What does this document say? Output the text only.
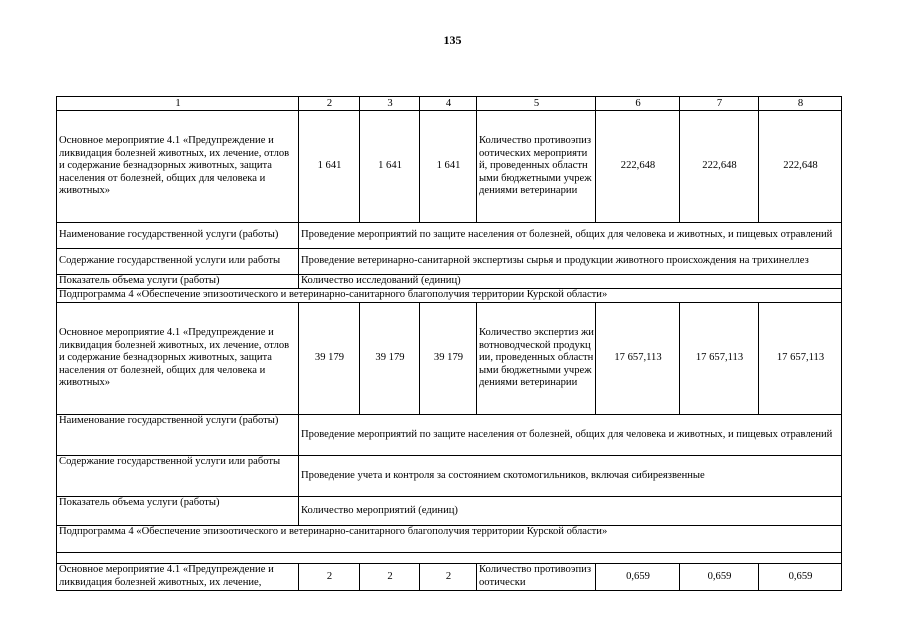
135
1	2	3	4	5	6	7	8
Основное мероприятие 4.1 «Предупреждение и ликвидация болезней животных, их лечение, отлов и содержание безнадзорных животных, защита населения от болезней, общих для человека и животных»	1 641	1 641	1 641	Количество противоэпизоотических мероприятий, проведенных областными бюджетными учреждениями ветеринарии	222,648	222,648	222,648
Наименование государственной услуги (работы)	Проведение мероприятий по защите населения от болезней, общих для человека и животных, и пищевых отравлений						
Содержание государственной услуги или работы	Проведение ветеринарно-санитарной экспертизы сырья и продукции животного происхождения на трихинеллез						
Показатель объема услуги (работы)	Количество исследований (единиц)						
Подпрограмма 4 «Обеспечение эпизоотического и ветеринарно-санитарного благополучия территории Курской области»							
Основное мероприятие 4.1 «Предупреждение и ликвидация болезней животных, их лечение, отлов и содержание безнадзорных животных, защита населения от болезней, общих для человека и животных»	39 179	39 179	39 179	Количество экспертиз животноводческой продукции, проведенных областными бюджетными учреждениями ветеринарии	17 657,113	17 657,113	17 657,113
Наименование государственной услуги (работы)	Проведение мероприятий по защите населения от болезней, общих для человека и животных, и пищевых отравлений						
Содержание государственной услуги или работы	Проведение учета и контроля за состоянием скотомогильников, включая сибиреязвенные						
Показатель объема услуги (работы)	Количество мероприятий (единиц)						
Подпрограмма 4 «Обеспечение эпизоотического и ветеринарно-санитарного благополучия территории Курской области»							

Основное мероприятие 4.1 «Предупреждение и ликвидация болезней животных, их лечение,	2	2	2	Количество противоэпизоотически	0,659	0,659	0,659
